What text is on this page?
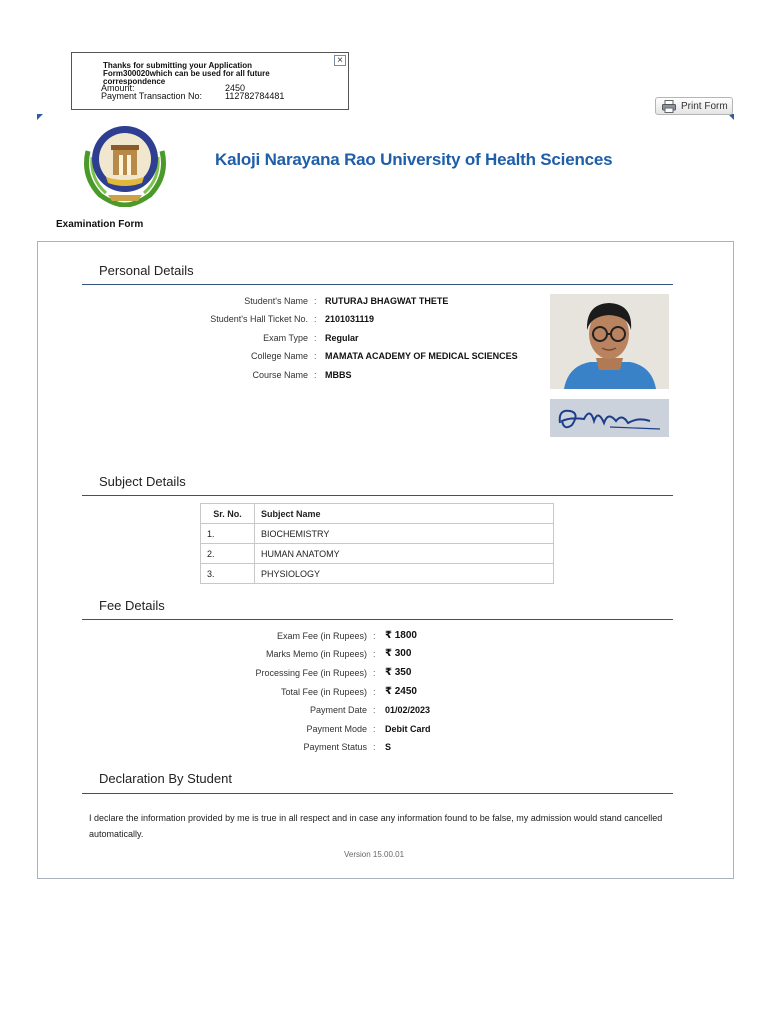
Thanks for submitting your Application Form300020which can be used for all future correspondence
Amount:	2450
Payment Transaction No:	112782784481
×
Print Form
Kaloji Narayana Rao University of Health Sciences
Examination Form
Personal Details
Student's Name : RUTURAJ BHAGWAT THETE
Student's Hall Ticket No. : 2101031119
Exam Type : Regular
College Name : MAMATA ACADEMY OF MEDICAL SCIENCES
Course Name : MBBS
Subject Details
Sr. No.	Subject Name
1.	BIOCHEMISTRY
2.	HUMAN ANATOMY
3.	PHYSIOLOGY
Fee Details
Exam Fee (in Rupees) : ₹ 1800
Marks Memo (in Rupees) : ₹ 300
Processing Fee (in Rupees) : ₹ 350
Total Fee (in Rupees) : ₹ 2450
Payment Date : 01/02/2023
Payment Mode : Debit Card
Payment Status : S
Declaration By Student
I declare the information provided by me is true in all respect and in case any information found to be false, my admission would stand cancelled automatically.
Version 15.00.01
